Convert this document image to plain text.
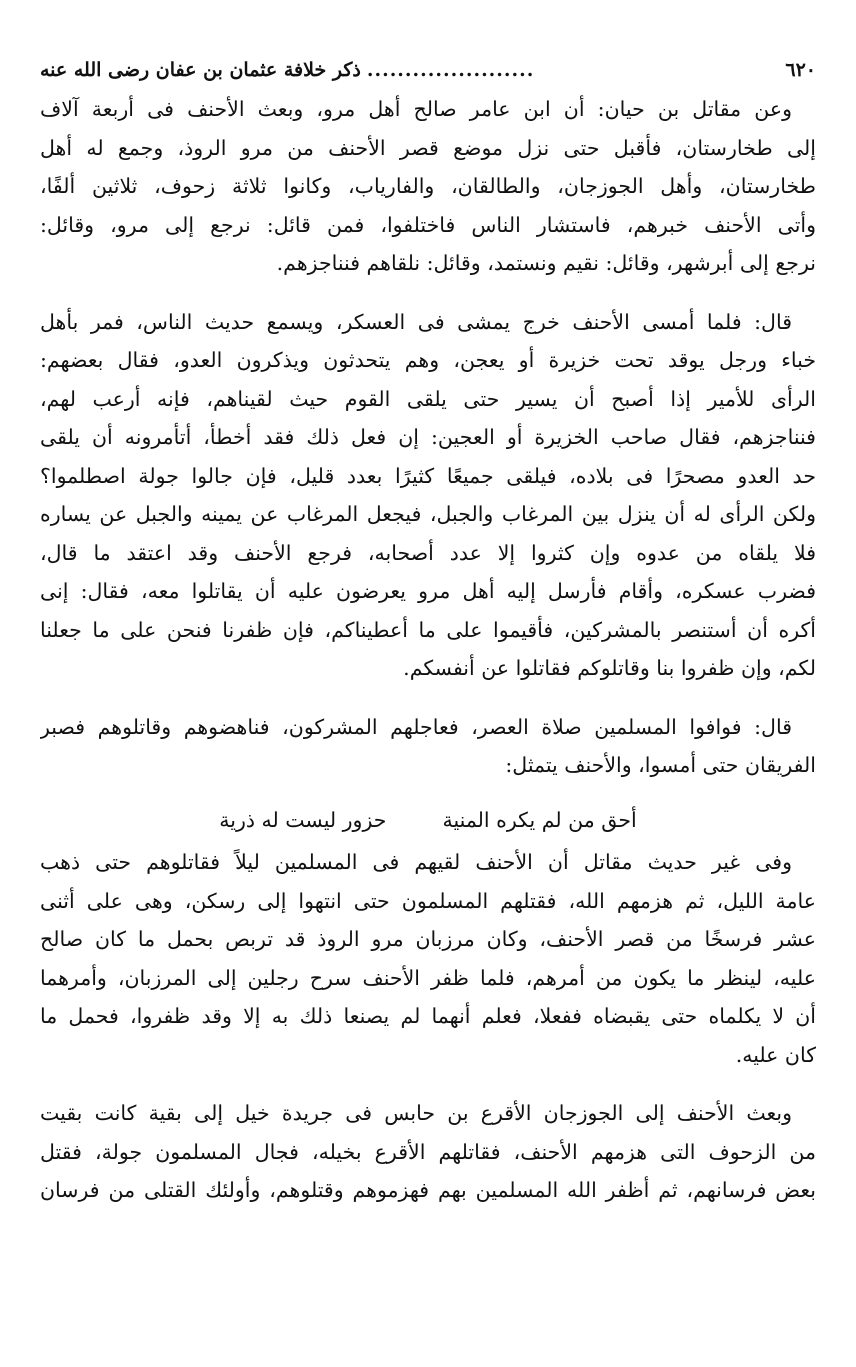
٦٢٠
......................
ذكر خلافة عثمان بن عفان رضى الله عنه
وعن مقاتل بن حيان: أن ابن عامر صالح أهل مرو، وبعث الأحنف فى أربعة آلاف
إلى طخارستان، فأقبل حتى نزل موضع قصر الأحنف من مرو الروذ، وجمع له أهل
طخارستان، وأهل الجوزجان، والطالقان، والفارياب، وكانوا ثلاثة زحوف، ثلاثين ألفًا،
وأتى الأحنف خبرهم، فاستشار الناس فاختلفوا، فمن قائل: نرجع إلى مرو، وقائل:
نرجع إلى أبرشهر، وقائل: نقيم ونستمد، وقائل: نلقاهم فنناجزهم.
قال: فلما أمسى الأحنف خرج يمشى فى العسكر، ويسمع حديث الناس، فمر بأهل
خباء ورجل يوقد تحت خزيرة أو يعجن، وهم يتحدثون ويذكرون العدو، فقال بعضهم:
الرأى للأمير إذا أصبح أن يسير حتى يلقى القوم حيث لقيناهم، فإنه أرعب لهم،
فنناجزهم، فقال صاحب الخزيرة أو العجين: إن فعل ذلك فقد أخطأ، أتأمرونه أن يلقى
حد العدو مصحرًا فى بلاده، فيلقى جميعًا كثيرًا بعدد قليل، فإن جالوا جولة اصطلموا؟
ولكن الرأى له أن ينزل بين المرغاب والجبل، فيجعل المرغاب عن يمينه والجبل عن يساره
فلا يلقاه من عدوه وإن كثروا إلا عدد أصحابه، فرجع الأحنف وقد اعتقد ما قال،
فضرب عسكره، وأقام فأرسل إليه أهل مرو يعرضون عليه أن يقاتلوا معه، فقال: إنى
أكره أن أستنصر بالمشركين، فأقيموا على ما أعطيناكم، فإن ظفرنا فنحن على ما جعلنا
لكم، وإن ظفروا بنا وقاتلوكم فقاتلوا عن أنفسكم.
قال: فوافوا المسلمين صلاة العصر، فعاجلهم المشركون، فناهضوهم وقاتلوهم فصبر
الفريقان حتى أمسوا، والأحنف يتمثل:
أحق من لم يكره المنية
حزور ليست له ذرية
وفى غير حديث مقاتل أن الأحنف لقيهم فى المسلمين ليلاً فقاتلوهم حتى ذهب
عامة الليل، ثم هزمهم الله، فقتلهم المسلمون حتى انتهوا إلى رسكن، وهى على أثنى
عشر فرسخًا من قصر الأحنف، وكان مرزبان مرو الروذ قد تربص بحمل ما كان صالح
عليه، لينظر ما يكون من أمرهم، فلما ظفر الأحنف سرح رجلين إلى المرزبان، وأمرهما
أن لا يكلماه حتى يقبضاه ففعلا، فعلم أنهما لم يصنعا ذلك به إلا وقد ظفروا، فحمل ما
كان عليه.
وبعث الأحنف إلى الجوزجان الأقرع بن حابس فى جريدة خيل إلى بقية كانت بقيت
من الزحوف التى هزمهم الأحنف، فقاتلهم الأقرع بخيله، فجال المسلمون جولة، فقتل
بعض فرسانهم، ثم أظفر الله المسلمين بهم فهزموهم وقتلوهم، وأولئك القتلى من فرسان
